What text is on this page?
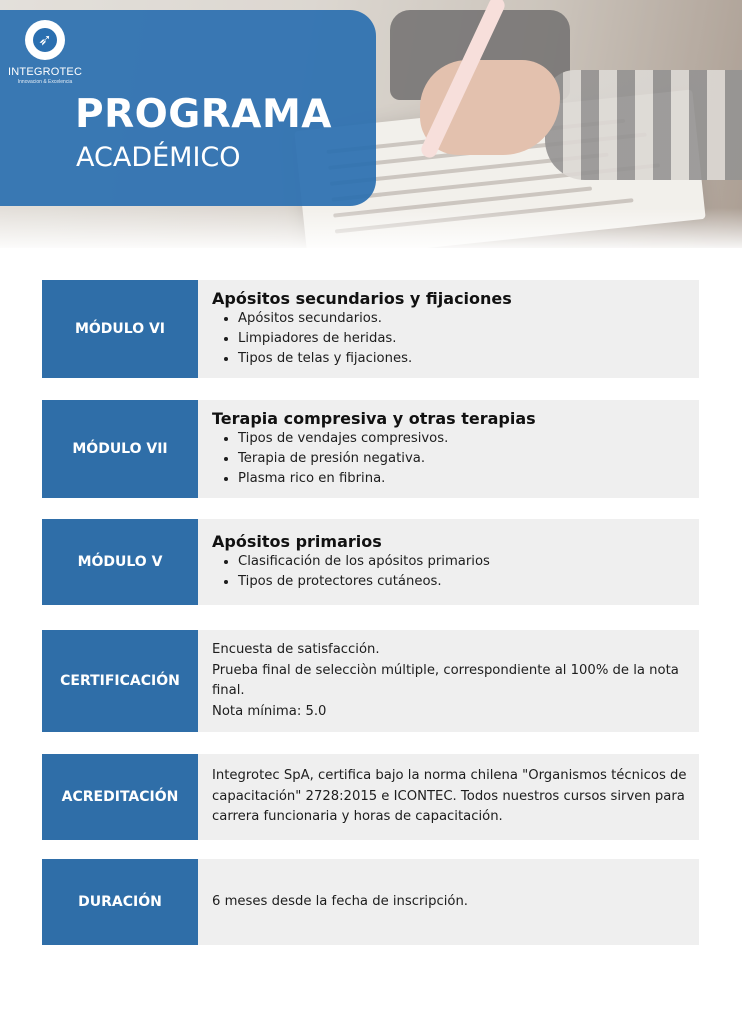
➶
INTEGROTEC
Innovacion & Excelencia
PROGRAMA
ACADÉMICO
MÓDULO VI
Apósitos secundarios y fijaciones
• Apósitos secundarios.
• Limpiadores de heridas.
• Tipos de telas y fijaciones.
MÓDULO VII
Terapia compresiva y otras terapias
• Tipos de vendajes compresivos.
• Terapia de presión negativa.
• Plasma rico en fibrina.
MÓDULO V
Apósitos primarios
• Clasificación de los apósitos primarios
• Tipos de protectores cutáneos.
CERTIFICACIÓN

Encuesta de satisfacción.

Prueba final de selecciòn múltiple, correspondiente al 100% de la nota final.

Nota mínima: 5.0

ACREDITACIÓN

Integrotec SpA, certifica bajo la norma chilena "Organismos técnicos de capacitación" 2728:2015 e ICONTEC. Todos nuestros cursos sirven para carrera funcionaria y horas de capacitación.

DURACIÓN	6 meses desde la fecha de inscripción.
